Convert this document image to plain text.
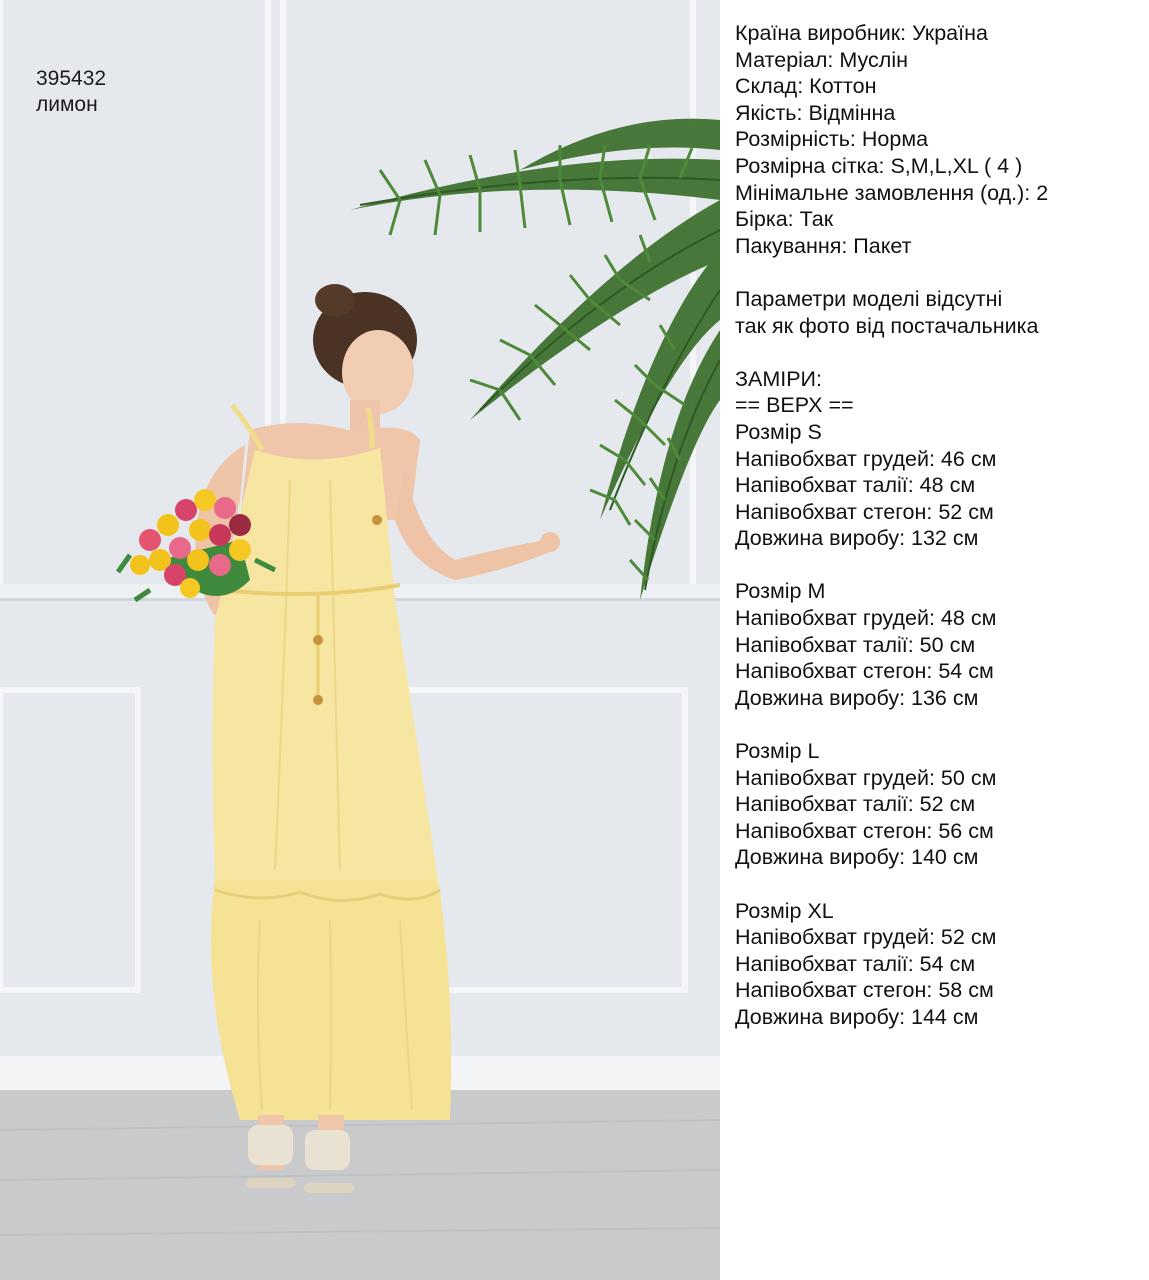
395432
лимон
Країна виробник: Україна
Матеріал: Муслін
Склад: Коттон
Якість: Відмінна
Розмірність: Норма
Розмірна сітка: S,M,L,XL ( 4 )
Мінімальне замовлення (од.): 2
Бірка: Так
Пакування: Пакет
Параметри моделі відсутні
так як фото від постачальника
ЗАМІРИ:
== ВЕРХ ==
Розмір S
Напівобхват грудей: 46 см
Напівобхват талії: 48 см
Напівобхват стегон: 52 см
Довжина виробу: 132 см
Розмір M
Напівобхват грудей: 48 см
Напівобхват талії: 50 см
Напівобхват стегон: 54 см
Довжина виробу: 136 см
Розмір L
Напівобхват грудей: 50 см
Напівобхват талії: 52 см
Напівобхват стегон: 56 см
Довжина виробу: 140 см
Розмір XL
Напівобхват грудей: 52 см
Напівобхват талії: 54 см
Напівобхват стегон: 58 см
Довжина виробу: 144 см
